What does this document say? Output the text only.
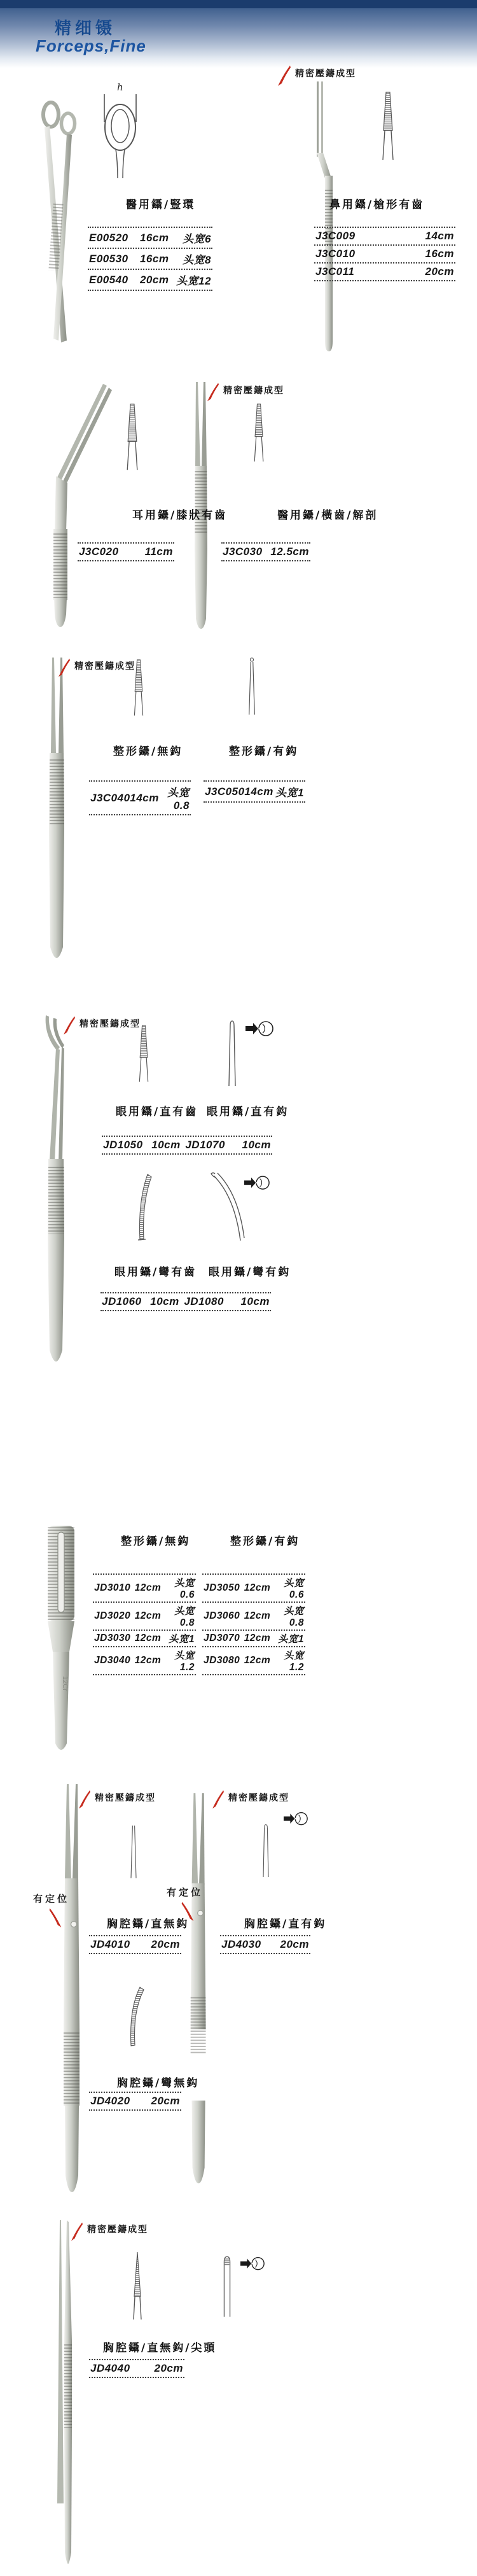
精细镊
Forceps,Fine
h
精密壓鑄成型
醫用鑷/豎環	鼻用鑷/槍形有齒
E00520	16cm	头宽6
E00530	16cm	头宽8
E00540	20cm 头宽12
J3C009	14cm
J3C010	16cm
J3C011	20cm
精密壓鑄成型
耳用鑷/膝狀有齒	醫用鑷/橫齒/解剖
J3C020	11cm	J3C030 12.5cm
精密壓鑄成型
整形鑷/無鈎	整形鑷/有鈎
J3C040 14cm 头宽0.8
J3C050 14cm 头宽1
精密壓鑄成型
眼用鑷/直有齒 眼用鑷/直有鈎
JD1050 10cm JD1070	10cm
眼用鑷/彎有齒 眼用鑷/彎有鈎
JD1060 10cm JD1080	10cm
12Cr
整形鑷/無鈎	整形鑷/有鈎
JD3010 12cm	头宽0.6
JD3020 12cm	头宽0.8
JD3030 12cm 头宽1
JD3040 12cm	头宽1.2
JD3050 12cm	头宽0.6
JD3060 12cm	头宽0.8
JD3070 12cm 头宽1
JD3080 12cm	头宽1.2
精密壓鑄成型	精密壓鑄成型
有定位
有定位
胸腔鑷/直無鈎	胸腔鑷/直有鈎
JD4010	20cm	JD4030	20cm
胸腔鑷/彎無鈎
JD4020	20cm
精密壓鑄成型
胸腔鑷/直無鈎/尖頭
JD4040	20cm
